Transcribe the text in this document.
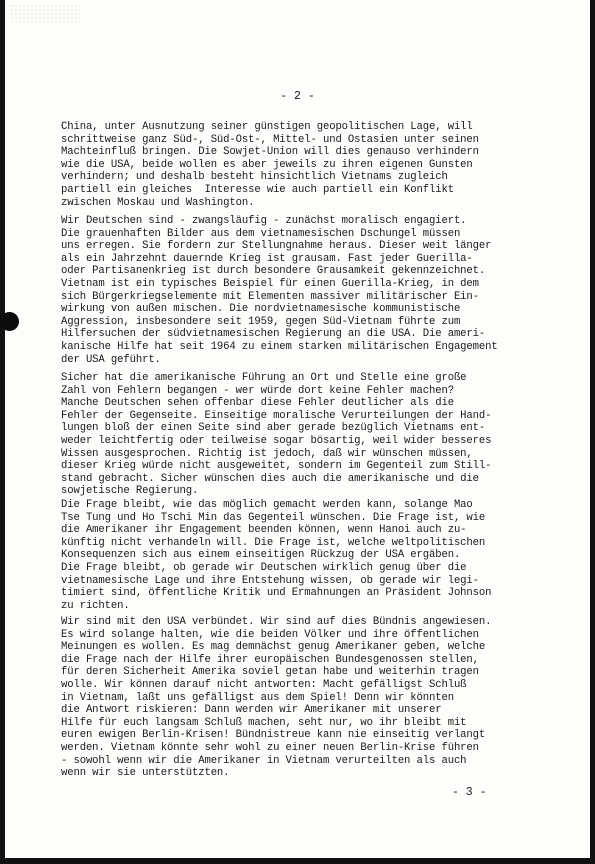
- 2 -
China, unter Ausnutzung seiner günstigen geopolitischen Lage, will
schrittweise ganz Süd-, Süd-Ost-, Mittel- und Ostasien unter seinen
Machteinfluß bringen. Die Sowjet-Union will dies genauso verhindern
wie die USA, beide wollen es aber jeweils zu ihren eigenen Gunsten
verhindern; und deshalb besteht hinsichtlich Vietnams zugleich
partiell ein gleiches  Interesse wie auch partiell ein Konflikt
zwischen Moskau und Washington.
Wir Deutschen sind - zwangsläufig - zunächst moralisch engagiert.
Die grauenhaften Bilder aus dem vietnamesischen Dschungel müssen
uns erregen. Sie fordern zur Stellungnahme heraus. Dieser weit länger
als ein Jahrzehnt dauernde Krieg ist grausam. Fast jeder Guerilla-
oder Partisanenkrieg ist durch besondere Grausamkeit gekennzeichnet.
Vietnam ist ein typisches Beispiel für einen Guerilla-Krieg, in dem
sich Bürgerkriegselemente mit Elementen massiver militärischer Ein-
wirkung von außen mischen. Die nordvietnamesische kommunistische
Aggression, insbesondere seit 1959, gegen Süd-Vietnam führte zum
Hilfersuchen der südvietnamesischen Regierung an die USA. Die ameri-
kanische Hilfe hat seit 1964 zu einem starken militärischen Engagement
der USA geführt.
Sicher hat die amerikanische Führung an Ort und Stelle eine große
Zahl von Fehlern begangen - wer würde dort keine Fehler machen?
Manche Deutschen sehen offenbar diese Fehler deutlicher als die
Fehler der Gegenseite. Einseitige moralische Verurteilungen der Hand-
lungen bloß der einen Seite sind aber gerade bezüglich Vietnams ent-
weder leichtfertig oder teilweise sogar bösartig, weil wider besseres
Wissen ausgesprochen. Richtig ist jedoch, daß wir wünschen müssen,
dieser Krieg würde nicht ausgeweitet, sondern im Gegenteil zum Still-
stand gebracht. Sicher wünschen dies auch die amerikanische und die
sowjetische Regierung.
Die Frage bleibt, wie das möglich gemacht werden kann, solange Mao
Tse Tung und Ho Tschi Min das Gegenteil wünschen. Die Frage ist, wie
die Amerikaner ihr Engagement beenden können, wenn Hanoi auch zu-
künftig nicht verhandeln will. Die Frage ist, welche weltpolitischen
Konsequenzen sich aus einem einseitigen Rückzug der USA ergäben.
Die Frage bleibt, ob gerade wir Deutschen wirklich genug über die
vietnamesische Lage und ihre Entstehung wissen, ob gerade wir legi-
timiert sind, öffentliche Kritik und Ermahnungen an Präsident Johnson
zu richten.
Wir sind mit den USA verbündet. Wir sind auf dies Bündnis angewiesen.
Es wird solange halten, wie die beiden Völker und ihre öffentlichen
Meinungen es wollen. Es mag demnächst genug Amerikaner geben, welche
die Frage nach der Hilfe ihrer europäischen Bundesgenossen stellen,
für deren Sicherheit Amerika soviel getan habe und weiterhin tragen
wolle. Wir können darauf nicht antworten: Macht gefälligst Schluß
in Vietnam, laßt uns gefälligst aus dem Spiel! Denn wir könnten
die Antwort riskieren: Dann werden wir Amerikaner mit unserer
Hilfe für euch langsam Schluß machen, seht nur, wo ihr bleibt mit
euren ewigen Berlin-Krisen! Bündnistreue kann nie einseitig verlangt
werden. Vietnam könnte sehr wohl zu einer neuen Berlin-Krise führen
- sowohl wenn wir die Amerikaner in Vietnam verurteilten als auch
wenn wir sie unterstützten.
- 3 -
